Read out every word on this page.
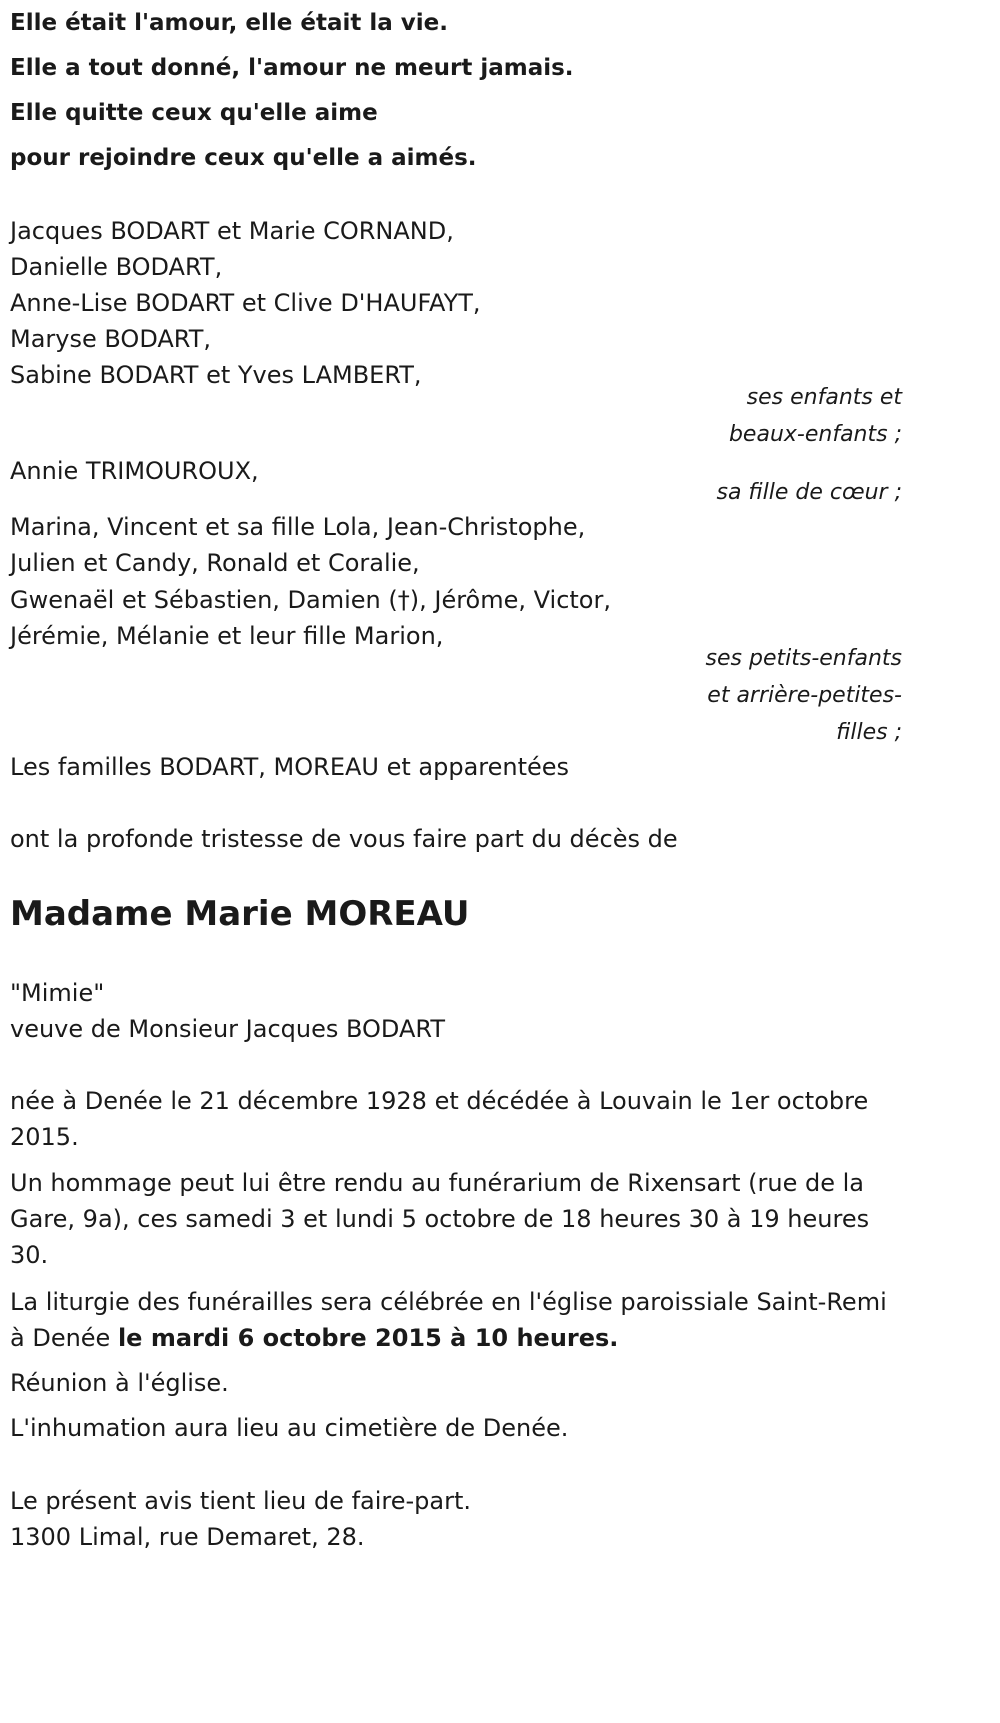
Elle était l'amour, elle était la vie.
Elle a tout donné, l'amour ne meurt jamais.
Elle quitte ceux qu'elle aime
pour rejoindre ceux qu'elle a aimés.
Jacques BODART et Marie CORNAND,
Danielle BODART,
Anne-Lise BODART et Clive D'HAUFAYT,
Maryse BODART,
Sabine BODART et Yves LAMBERT,
ses enfants et
beaux-enfants ;
Annie TRIMOUROUX,
sa fille de cœur ;
Marina, Vincent et sa fille Lola, Jean-Christophe,
Julien et Candy, Ronald et Coralie,
Gwenaël et Sébastien, Damien (†), Jérôme, Victor,
Jérémie, Mélanie et leur fille Marion,
ses petits-enfants
et arrière-petites-
filles ;
Les familles BODART, MOREAU et apparentées
ont la profonde tristesse de vous faire part du décès de
Madame Marie MOREAU
"Mimie"
veuve de Monsieur Jacques BODART
née à Denée le 21 décembre 1928 et décédée à Louvain le 1er octobre 2015.
Un hommage peut lui être rendu au funérarium de Rixensart (rue de la Gare, 9a), ces samedi 3 et lundi 5 octobre de 18 heures 30 à 19 heures 30.
La liturgie des funérailles sera célébrée en l'église paroissiale Saint-Remi à Denée le mardi 6 octobre 2015 à 10 heures.
Réunion à l'église.
L'inhumation aura lieu au cimetière de Denée.
Le présent avis tient lieu de faire-part.
1300 Limal, rue Demaret, 28.
